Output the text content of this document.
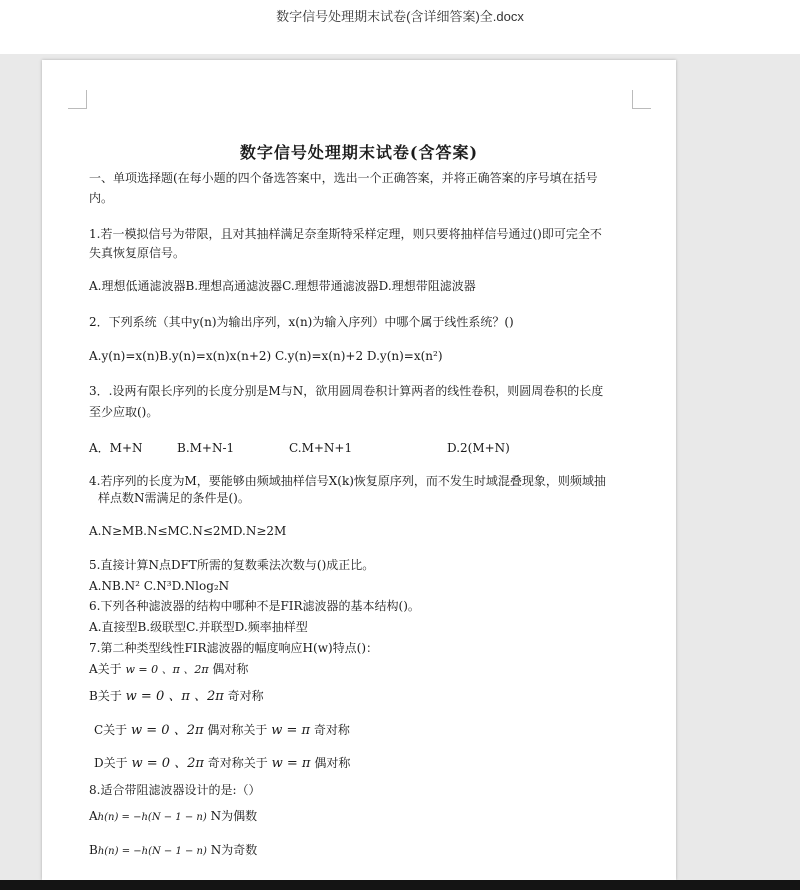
数字信号处理期末试卷(含详细答案)全.docx
数字信号处理期末试卷(含答案)
一、单项选择题(在每小题的四个备选答案中，选出一个正确答案，并将正确答案的序号填在括号
内。
1.若一模拟信号为带限，且对其抽样满足奈奎斯特采样定理，则只要将抽样信号通过()即可完全不
失真恢复原信号。
A.理想低通滤波器B.理想高通滤波器C.理想带通滤波器D.理想带阻滤波器
2．下列系统（其中y(n)为输出序列，x(n)为输入序列）中哪个属于线性系统？()
A.y(n)=x(n)B.y(n)=x(n)x(n+2) C.y(n)=x(n)+2 D.y(n)=x(n²)
3．.设两有限长序列的长度分别是M与N，欲用圆周卷积计算两者的线性卷积，则圆周卷积的长度
至少应取()。
A．M+N	B.M+N-1	C.M+N+1	D.2(M+N)
4.若序列的长度为M，要能够由频域抽样信号X(k)恢复原序列，而不发生时域混叠现象，则频域抽
样点数N需满足的条件是()。
A.N≥MB.N≤MC.N≤2MD.N≥2M
5.直接计算N点DFT所需的复数乘法次数与()成正比。
A.NB.N² C.N³D.Nlog₂N
6.下列各种滤波器的结构中哪种不是FIR滤波器的基本结构()。
A.直接型B.级联型C.并联型D.频率抽样型
7.第二种类型线性FIR滤波器的幅度响应H(w)特点()：
A关于 w = 0 、π 、2π 偶对称
B关于 w = 0 、π 、2π 奇对称
C关于 w = 0 、2π 偶对称关于 w = π 奇对称
D关于 w = 0 、2π 奇对称关于 w = π 偶对称
8.适合带阻滤波器设计的是:（）
Ah(n) = −h(N − 1 − n) N为偶数
Bh(n) = −h(N − 1 − n) N为奇数
